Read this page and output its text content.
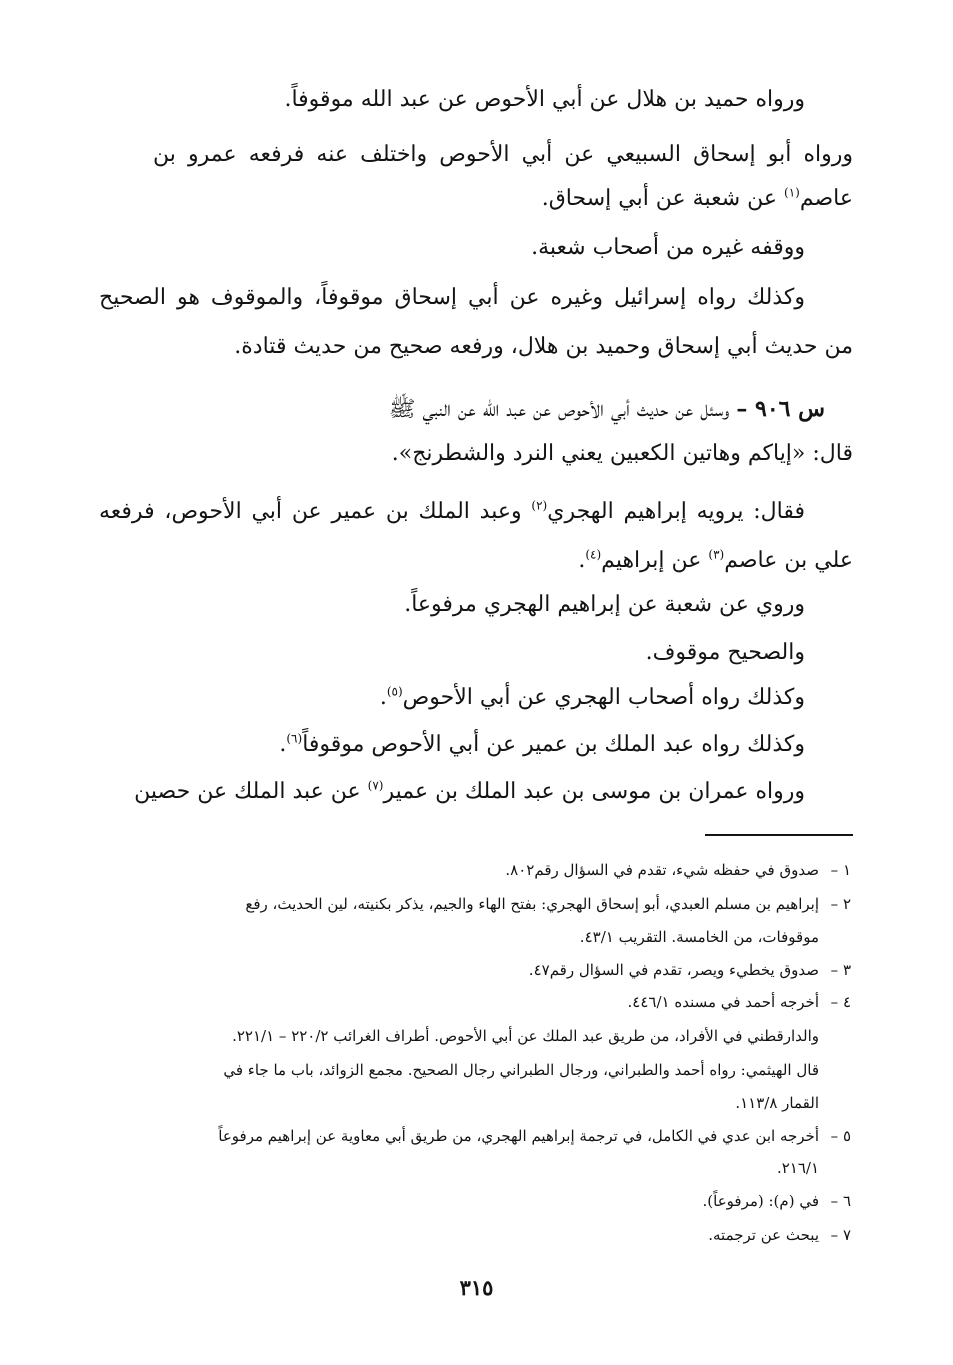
ورواه حميد بن هلال عن أبي الأحوص عن عبد الله موقوفاً.
ورواه أبو إسحاق السبيعي عن أبي الأحوص واختلف عنه فرفعه عمرو بن
عاصم$^{(١)}$ عن شعبة عن أبي إسحاق.
ووقفه غيره من أصحاب شعبة.
وكذلك رواه إسرائيل وغيره عن أبي إسحاق موقوفاً، والموقوف هو الصحيح
من حديث أبي إسحاق وحميد بن هلال، ورفعه صحيح من حديث قتادة.
س ٩٠٦ – وسئل عن حديث أبي الأحوص عن عبد الله عن النبي ﷺ
قال: «إياكم وهاتين الكعبين يعني النرد والشطرنج».
فقال: يرويه إبراهيم الهجري$^{(٢)}$ وعبد الملك بن عمير عن أبي الأحوص، فرفعه
علي بن عاصم$^{(٣)}$ عن إبراهيم$^{(٤)}$.
وروي عن شعبة عن إبراهيم الهجري مرفوعاً.
والصحيح موقوف.
وكذلك رواه أصحاب الهجري عن أبي الأحوص$^{(٥)}$.
وكذلك رواه عبد الملك بن عمير عن أبي الأحوص موقوفاً$^{(٦)}$.
ورواه عمران بن موسى بن عبد الملك بن عمير$^{(٧)}$ عن عبد الملك عن حصين
١ –صدوق في حفظه شيء، تقدم في السؤال رقم٨٠٢.
٢ –إبراهيم بن مسلم العبدي، أبو إسحاق الهجري: بفتح الهاء والجيم، يذكر بكنيته، لين الحديث، رفع
موقوفات، من الخامسة. التقريب ٤٣/١.
٣ –صدوق يخطيء ويصر، تقدم في السؤال رقم٤٧.
٤ –أخرجه أحمد في مسنده ٤٤٦/١.
والدارقطني في الأفراد، من طريق عبد الملك عن أبي الأحوص. أطراف الغرائب ٢٢٠/٢ – ٢٢١/١.
قال الهيثمي: رواه أحمد والطبراني، ورجال الطبراني رجال الصحيح. مجمع الزوائد، باب ما جاء في
القمار ١١٣/٨.
٥ –أخرجه ابن عدي في الكامل، في ترجمة إبراهيم الهجري، من طريق أبي معاوية عن إبراهيم مرفوعاً
٢١٦/١.
٦ –في (م): (مرفوعاً).
٧ –يبحث عن ترجمته.
٣١٥
